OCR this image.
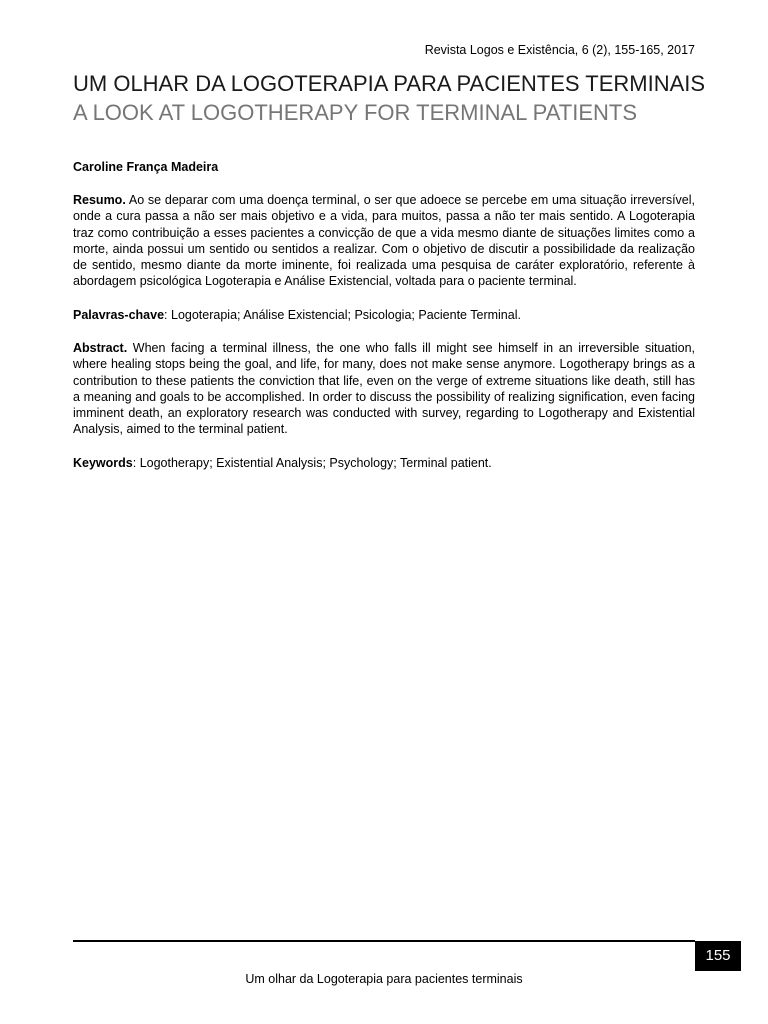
Revista Logos e Existência, 6 (2), 155-165, 2017
UM OLHAR DA LOGOTERAPIA PARA PACIENTES TERMINAIS
A LOOK AT LOGOTHERAPY FOR TERMINAL PATIENTS
Caroline França Madeira
Resumo. Ao se deparar com uma doença terminal, o ser que adoece se percebe em uma situação irreversível, onde a cura passa a não ser mais objetivo e a vida, para muitos, passa a não ter mais sentido. A Logoterapia traz como contribuição a esses pacientes a convicção de que a vida mesmo diante de situações limites como a morte, ainda possui um sentido ou sentidos a realizar. Com o objetivo de discutir a possibilidade da realização de sentido, mesmo diante da morte iminente, foi realizada uma pesquisa de caráter exploratório, referente à abordagem psicológica Logoterapia e Análise Existencial, voltada para o paciente terminal.
Palavras-chave: Logoterapia; Análise Existencial; Psicologia; Paciente Terminal.
Abstract. When facing a terminal illness, the one who falls ill might see himself in an irreversible situation, where healing stops being the goal, and life, for many, does not make sense anymore. Logotherapy brings as a contribution to these patients the conviction that life, even on the verge of extreme situations like death, still has a meaning and goals to be accomplished. In order to discuss the possibility of realizing signification, even facing imminent death, an exploratory research was conducted with survey, regarding to Logotherapy and Existential Analysis, aimed to the terminal patient.
Keywords: Logotherapy; Existential Analysis; Psychology; Terminal patient.
155
Um olhar da Logoterapia para pacientes terminais
